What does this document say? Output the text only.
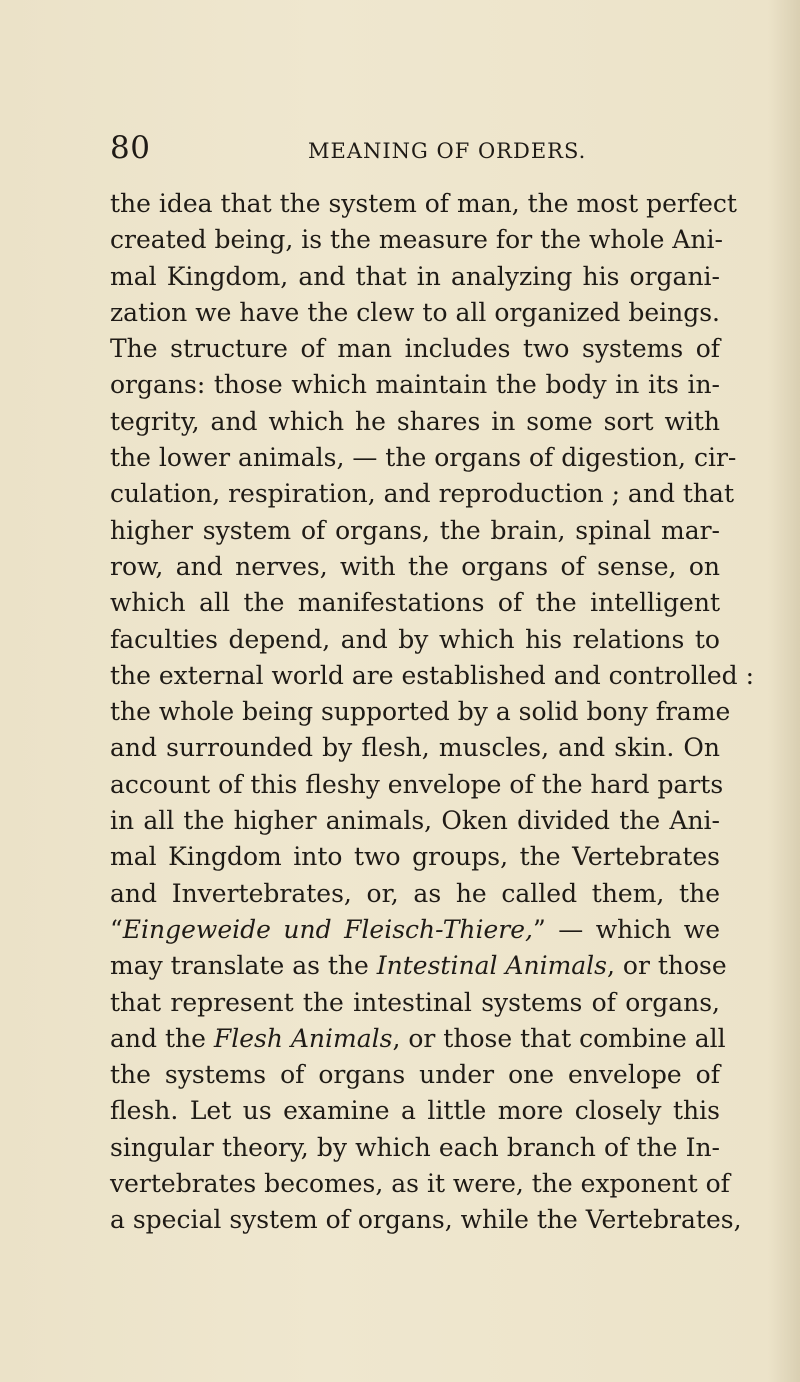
80	MEANING OF ORDERS.
the idea that the system of man, the most perfect
created being, is the measure for the whole Ani-
mal Kingdom, and that in analyzing his organi-
zation we have the clew to all organized beings.
The structure of man includes two systems of
organs: those which maintain the body in its in-
tegrity, and which he shares in some sort with
the lower animals, — the organs of digestion, cir-
culation, respiration, and reproduction ; and that
higher system of organs, the brain, spinal mar-
row, and nerves, with the organs of sense, on
which all the manifestations of the intelligent
faculties depend, and by which his relations to
the external world are established and controlled :
the whole being supported by a solid bony frame
and surrounded by flesh, muscles, and skin. On
account of this fleshy envelope of the hard parts
in all the higher animals, Oken divided the Ani-
mal Kingdom into two groups, the Vertebrates
and Invertebrates, or, as he called them, the
“Eingeweide und Fleisch-Thiere,” — which we
may translate as the Intestinal Animals, or those
that represent the intestinal systems of organs,
and the Flesh Animals, or those that combine all
the systems of organs under one envelope of
flesh. Let us examine a little more closely this
singular theory, by which each branch of the In-
vertebrates becomes, as it were, the exponent of
a special system of organs, while the Vertebrates,
